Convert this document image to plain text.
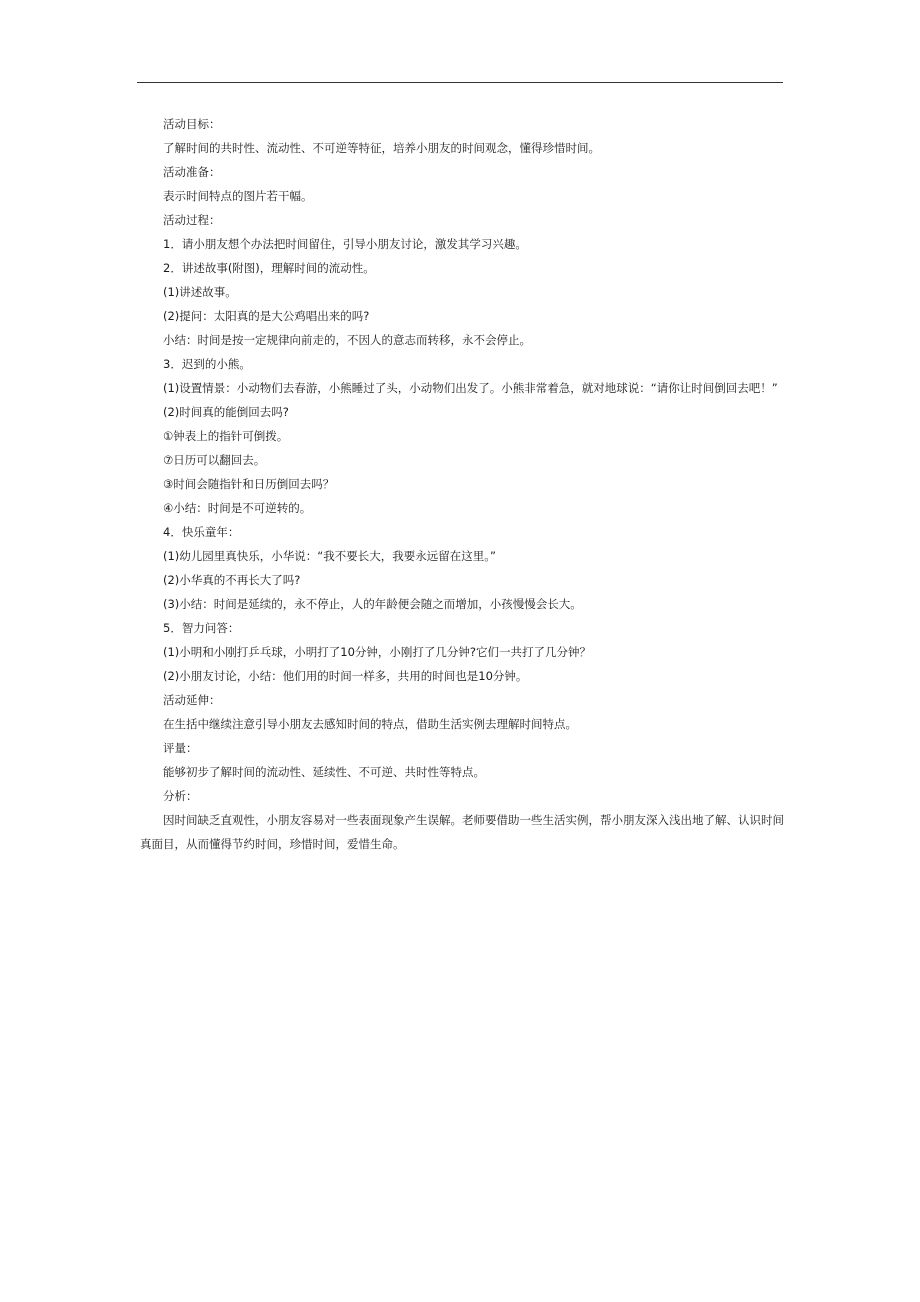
活动目标：

了解时间的共时性、流动性、不可逆等特征，培养小朋友的时间观念，懂得珍惜时间。

活动准备：

表示时间特点的图片若干幅。

活动过程：

1．请小朋友想个办法把时间留住，引导小朋友讨论，激发其学习兴趣。

2．讲述故事(附图)，理解时间的流动性。

(1)讲述故事。

(2)提问：太阳真的是大公鸡唱出来的吗?

小结：时间是按一定规律向前走的，不因人的意志而转移，永不会停止。

3．迟到的小熊。

(1)设置情景：小动物们去春游，小熊睡过了头，小动物们出发了。小熊非常着急，就对地球说：“请你让时间倒回去吧！”

(2)时间真的能倒回去吗?

①钟表上的指针可倒拨。

⑦日历可以翻回去。

③时间会随指针和日历倒回去吗？

④小结：时间是不可逆转的。

4．快乐童年：

(1)幼儿园里真快乐，小华说：“我不要长大，我要永远留在这里。”

(2)小华真的不再长大了吗?

(3)小结：时间是延续的，永不停止，人的年龄便会随之而增加，小孩慢慢会长大。

5．智力问答：

(1)小明和小刚打乒乓球，小明打了10分钟，小刚打了几分钟?它们一共打了几分钟？

(2)小朋友讨论，小结：他们用的时间一样多，共用的时间也是10分钟。

活动延伸：

在生括中继续注意引导小朋友去感知时间的特点，借助生活实例去理解时间特点。

评量：

能够初步了解时间的流动性、延续性、不可逆、共时性等特点。

分析：

因时间缺乏直观性，小朋友容易对一些表面现象产生误解。老师要借助一些生活实例，帮小朋友深入浅出地了解、认识时间真面目，从而懂得节约时间，珍惜时间，爱惜生命。
